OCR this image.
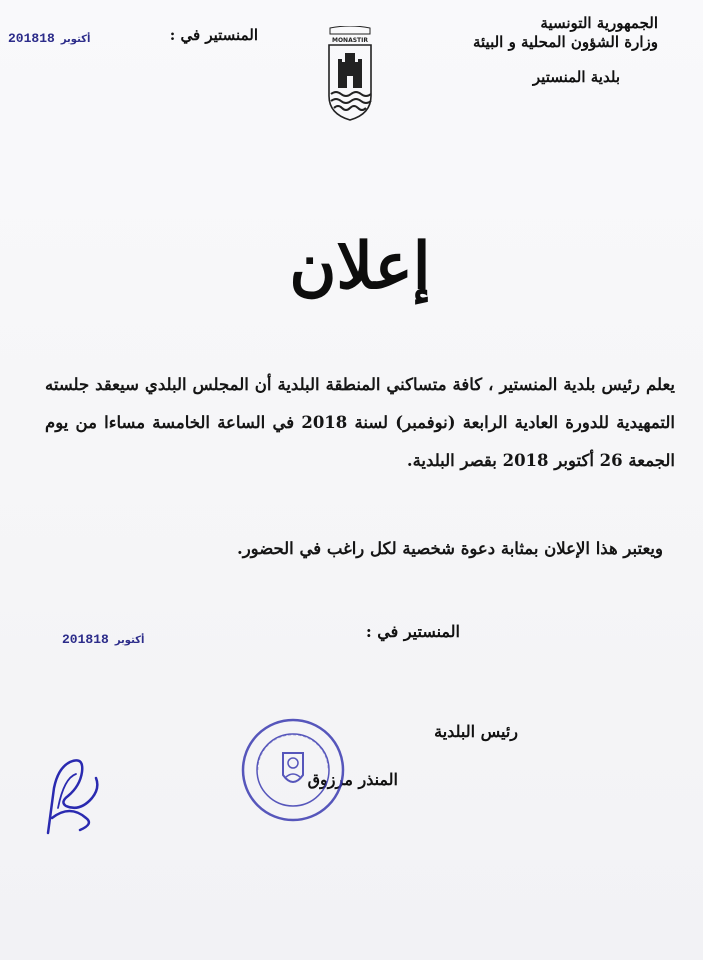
الجمهورية التونسية
وزارة الشؤون المحلية و البيئة
بلدية المنستير
المنستير في :
2018 أكتوبر18	MONASTIR
إعلان
يعلم رئيس بلدية المنستير ، كافة متساكني المنطقة البلدية أن المجلس البلدي سيعقد جلسته التمهيدية للدورة العادية الرابعة (نوفمبر) لسنة 2018 في الساعة الخامسة مساءا من يوم الجمعة 26 أكتوبر 2018 بقصر البلدية.
ويعتبر هذا الإعلان بمثابة دعوة شخصية لكل راغب في الحضور.
المنستير في :
2018 أكتوبر18
رئيس البلدية
المنذر مرزوق
